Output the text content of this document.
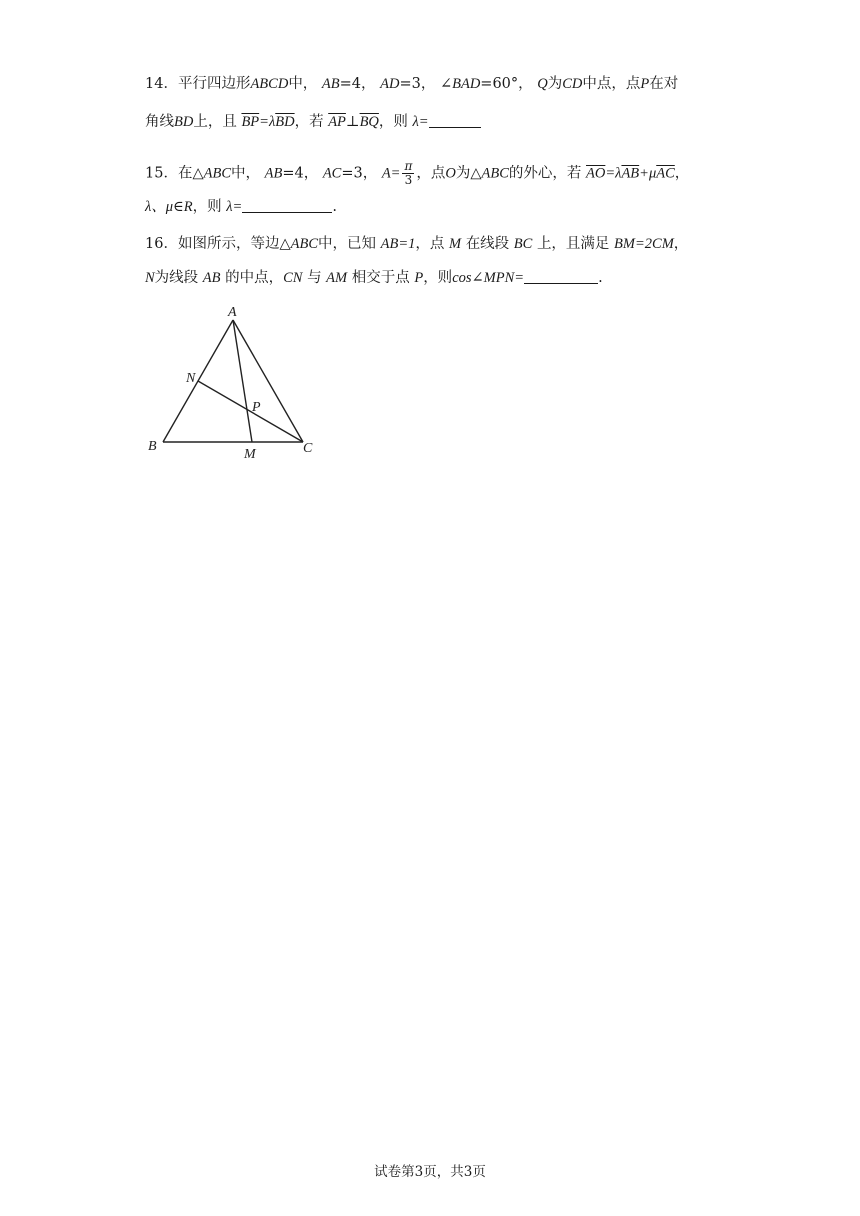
14．平行四边形ABCD中， AB=4， AD=3， ∠BAD=60°， Q为CD中点，点P在对
角线BD上，且 $\overline{BP}=\lambda\overline{BD}$，若 $\overline{AP}\perp\overline{BQ}$，则 λ=
15．在△ABC中， AB=4， AC=3， $A= \frac{\pi}{3}$ ，点O为△ABC的外心，若 $\overline{AO}=\lambda\overline{AB}+\mu\overline{AC}$，
λ、μ∈R，则 λ=	.
16．如图所示，等边△ABC中，已知 AB=1，点 M 在线段 BC 上，且满足 BM=2CM，
N为线段 AB 的中点，CN 与 AM 相交于点 P，则cos∠MPN=	.
A
N
P
B
M	C
试卷第3页，共3页
